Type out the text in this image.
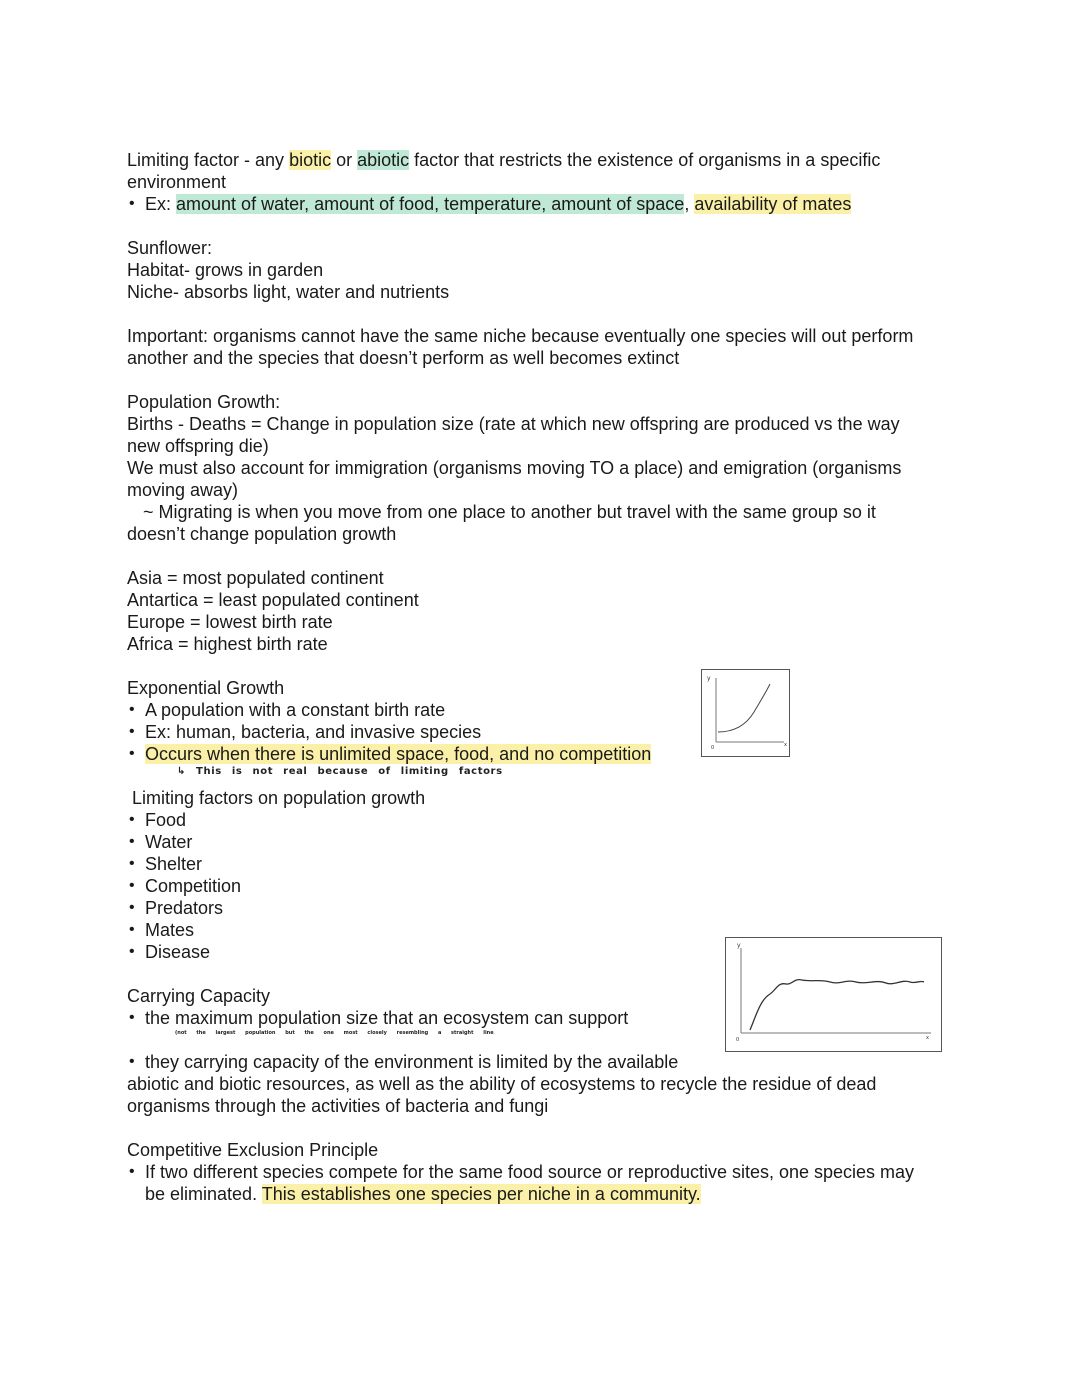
Limiting factor - any biotic or abiotic factor that restricts the existence of organisms in a specific
environment
• Ex: amount of water, amount of food, temperature, amount of space, availability of mates
Sunflower:
Habitat- grows in garden
Niche- absorbs light, water and nutrients
Important: organisms cannot have the same niche because eventually one species will out perform
another and the species that doesn’t perform as well becomes extinct
Population Growth:
Births - Deaths = Change in population size (rate at which new offspring are produced vs the way
new offspring die)
We must also account for immigration (organisms moving TO a place) and emigration (organisms
moving away)
~ Migrating is when you move from one place to another but travel with the same group so it
doesn’t change population growth
Asia = most populated continent
Antartica = least populated continent
Europe = lowest birth rate
Africa = highest birth rate
Exponential Growth
• A population with a constant birth rate
• Ex: human, bacteria, and invasive species
• Occurs when there is unlimited space, food, and no competition
↳ This is not real because of limiting factors
y
x
0
Limiting factors on population growth
• Food
• Water
• Shelter
• Competition
• Predators
• Mates
• Disease	y
x
0
Carrying Capacity
• the maximum population size that an ecosystem can support
(not the largest population but the one most closely resembling a straight line
• they carrying capacity of the environment is limited by the available
abiotic and biotic resources, as well as the ability of ecosystems to recycle the residue of dead
organisms through the activities of bacteria and fungi
Competitive Exclusion Principle
• If two different species compete for the same food source or reproductive sites, one species may
be eliminated. This establishes one species per niche in a community.
